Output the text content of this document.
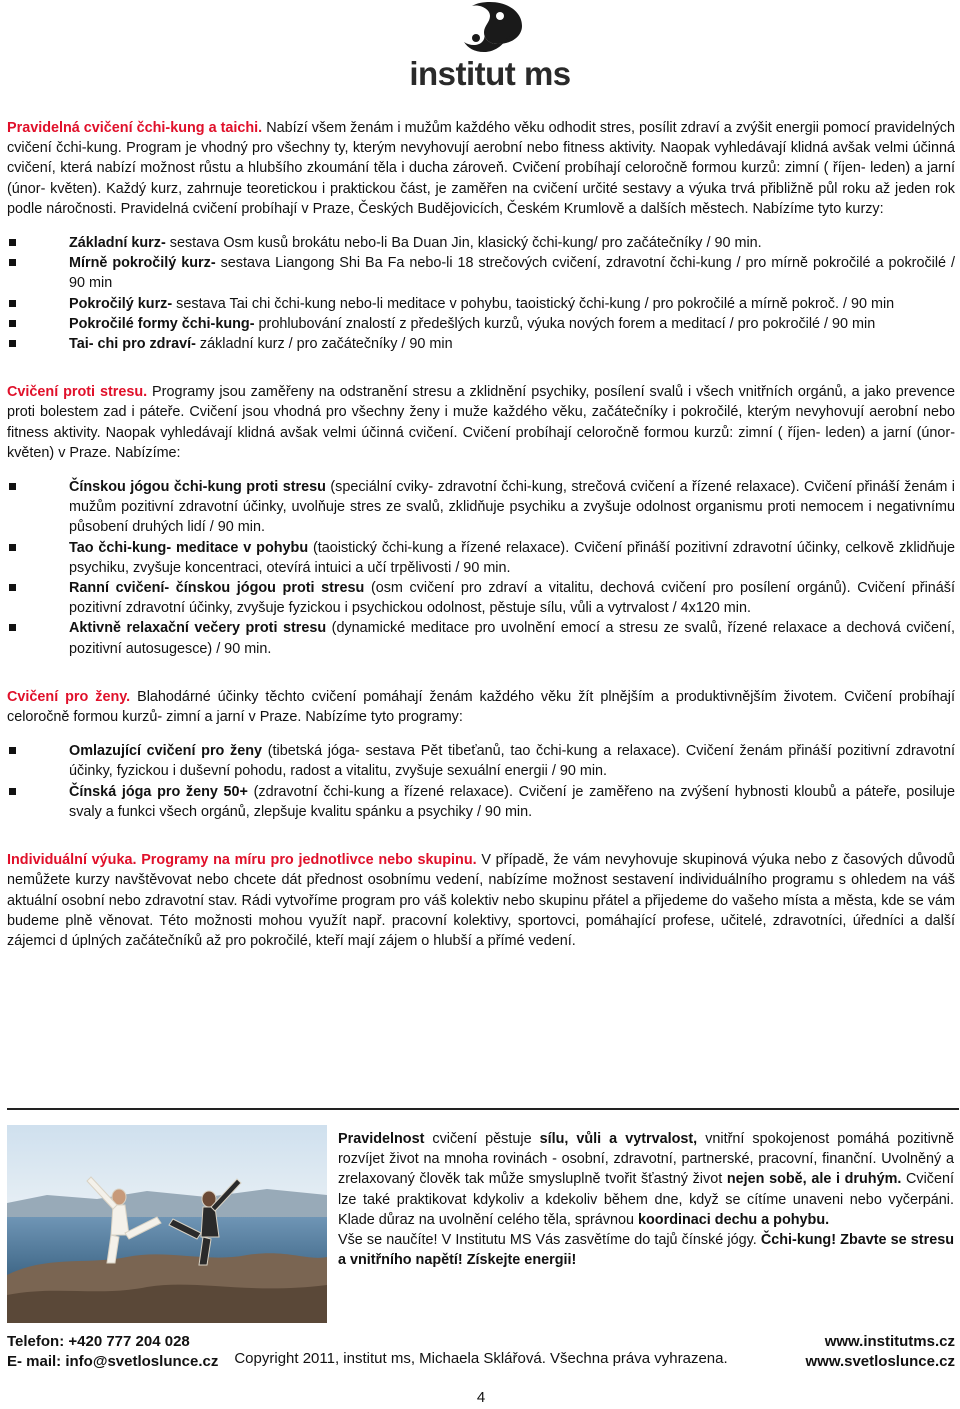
institut ms

Pravidelná cvičení čchi-kung a taichi. Nabízí všem ženám i mužům každého věku odhodit stres, posílit zdraví a zvýšit energii pomocí pravidelných cvičení čchi-kung. Program je vhodný pro všechny ty, kterým nevyhovují aerobní nebo fitness aktivity. Naopak vyhledávají klidná avšak velmi účinná cvičení, která nabízí možnost růstu a hlubšího zkoumání těla i ducha zároveň. Cvičení probíhají celoročně formou kurzů: zimní ( říjen- leden) a jarní (únor- květen). Každý kurz, zahrnuje teoretickou i praktickou část, je zaměřen na cvičení určité sestavy a výuka trvá přibližně půl roku až jeden rok podle náročnosti. Pravidelná cvičení probíhají v Praze, Českých Budějovicích, Českém Krumlově a dalších městech. Nabízíme tyto kurzy:

Základní kurz- sestava Osm kusů brokátu nebo-li Ba Duan Jin, klasický čchi-kung/ pro začátečníky / 90 min.
Mírně pokročilý kurz- sestava Liangong Shi Ba Fa nebo-li 18 strečových cvičení, zdravotní čchi-kung / pro mírně pokročilé a pokročilé / 90 min
Pokročilý kurz- sestava Tai chi čchi-kung nebo-li meditace v pohybu, taoistický čchi-kung / pro pokročilé a mírně pokroč. / 90 min
Pokročilé formy čchi-kung- prohlubování znalostí z předešlých kurzů, výuka nových forem a meditací / pro pokročilé / 90 min
Tai- chi pro zdraví- základní kurz / pro začátečníky / 90 min

Cvičení proti stresu. Programy jsou zaměřeny na odstranění stresu a zklidnění psychiky, posílení svalů i všech vnitřních orgánů, a jako prevence proti bolestem zad i páteře. Cvičení jsou vhodná pro všechny ženy i muže každého věku, začátečníky i pokročilé, kterým nevyhovují aerobní nebo fitness aktivity. Naopak vyhledávají klidná avšak velmi účinná cvičení. Cvičení probíhají celoročně formou kurzů: zimní ( říjen- leden) a jarní (únor- květen) v Praze. Nabízíme:

Čínskou jógou čchi-kung proti stresu (speciální cviky- zdravotní čchi-kung, strečová cvičení a řízené relaxace). Cvičení přináší ženám i mužům pozitivní zdravotní účinky, uvolňuje stres ze svalů, zklidňuje psychiku a zvyšuje odolnost organismu proti nemocem i negativnímu působení druhých lidí / 90 min.
Tao čchi-kung- meditace v pohybu (taoistický čchi-kung a řízené relaxace). Cvičení přináší pozitivní zdravotní účinky, celkově zklidňuje psychiku, zvyšuje koncentraci, otevírá intuici a učí trpělivosti / 90 min.
Ranní cvičení- čínskou jógou proti stresu (osm cvičení pro zdraví a vitalitu, dechová cvičení pro posílení orgánů). Cvičení přináší pozitivní zdravotní účinky, zvyšuje fyzickou i psychickou odolnost, pěstuje sílu, vůli a vytrvalost / 4x120 min.
Aktivně relaxační večery proti stresu (dynamické meditace pro uvolnění emocí a stresu ze svalů, řízené relaxace a dechová cvičení, pozitivní autosugesce) / 90 min.

Cvičení pro ženy. Blahodárné účinky těchto cvičení pomáhají ženám každého věku žít plnějším a produktivnějším životem. Cvičení probíhají celoročně formou kurzů- zimní a jarní v Praze. Nabízíme tyto programy:

Omlazující cvičení pro ženy (tibetská jóga- sestava Pět tibeťanů, tao čchi-kung a relaxace). Cvičení ženám přináší pozitivní zdravotní účinky, fyzickou i duševní pohodu, radost a vitalitu, zvyšuje sexuální energii / 90 min.
Čínská jóga pro ženy 50+ (zdravotní čchi-kung a řízené relaxace). Cvičení je zaměřeno na zvýšení hybnosti kloubů a páteře, posiluje svaly a funkci všech orgánů, zlepšuje kvalitu spánku a psychiky / 90 min.

Individuální výuka. Programy na míru pro jednotlivce nebo skupinu. V případě, že vám nevyhovuje skupinová výuka nebo z časových důvodů nemůžete kurzy navštěvovat nebo chcete dát přednost osobnímu vedení, nabízíme možnost sestavení individuálního programu s ohledem na váš aktuální osobní nebo zdravotní stav. Rádi vytvoříme program pro váš kolektiv nebo skupinu přátel a přijedeme do vašeho místa a města, kde se vám budeme plně věnovat. Této možnosti mohou využít např. pracovní kolektivy, sportovci, pomáhající profese, učitelé, zdravotníci, úředníci a další zájemci d úplných začátečníků až pro pokročilé, kteří mají zájem o hlubší a přímé vedení.

Pravidelnost cvičení pěstuje sílu, vůli a vytrvalost, vnitřní spokojenost pomáhá pozitivně rozvíjet život na mnoha rovinách - osobní, zdravotní, partnerské, pracovní, finanční. Uvolněný a zrelaxovaný člověk tak může smysluplně tvořit šťastný život nejen sobě, ale i druhým. Cvičení lze také praktikovat kdykoliv a kdekoliv během dne, když se cítíme unaveni nebo vyčerpáni. Klade důraz na uvolnění celého těla, správnou koordinaci dechu a pohybu.

Vše se naučíte! V Institutu MS Vás zasvětíme do tajů čínské jógy. Čchi-kung! Zbavte se stresu a vnitřního napětí! Získejte energii!

Telefon: +420 777 204 028
E- mail: info@svetloslunce.cz
www.institutms.cz
www.svetloslunce.cz
Copyright 2011, institut ms, Michaela Sklářová. Všechna práva vyhrazena.
4
